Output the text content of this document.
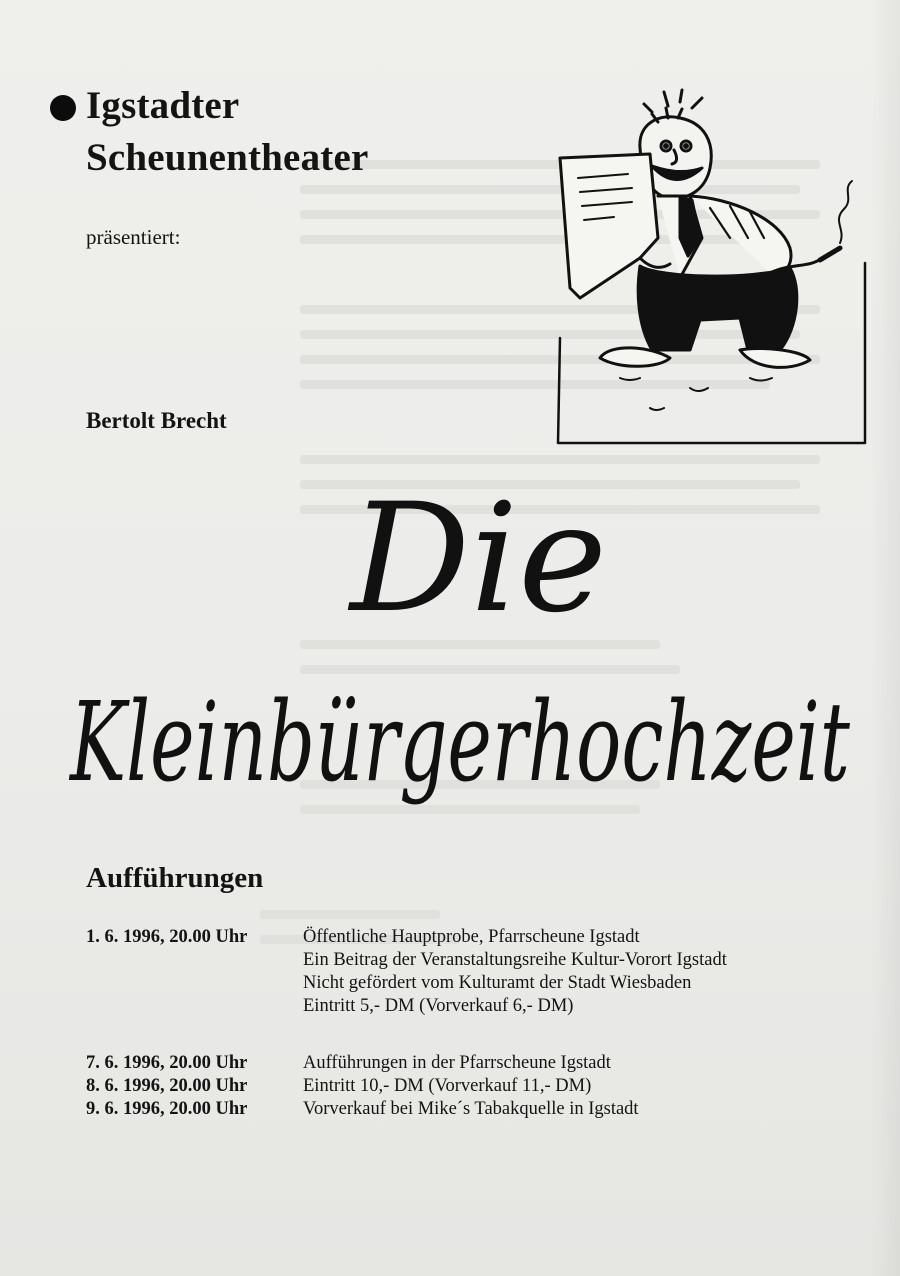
Igstadter
Scheunentheater
präsentiert:
Bertolt Brecht
Die
Kleinbürgerhochzeit
Aufführungen
1. 6. 1996, 20.00 Uhr	Öffentliche Hauptprobe, Pfarrscheune Igstadt
Ein Beitrag der Veranstaltungsreihe Kultur-Vorort Igstadt
Nicht gefördert vom Kulturamt der Stadt Wiesbaden
Eintritt 5,- DM (Vorverkauf 6,- DM)
7. 6. 1996, 20.00 Uhr
8. 6. 1996, 20.00 Uhr
9. 6. 1996, 20.00 Uhr
Aufführungen in der Pfarrscheune Igstadt
Eintritt 10,- DM (Vorverkauf 11,- DM)
Vorverkauf bei Mike´s Tabakquelle in Igstadt
